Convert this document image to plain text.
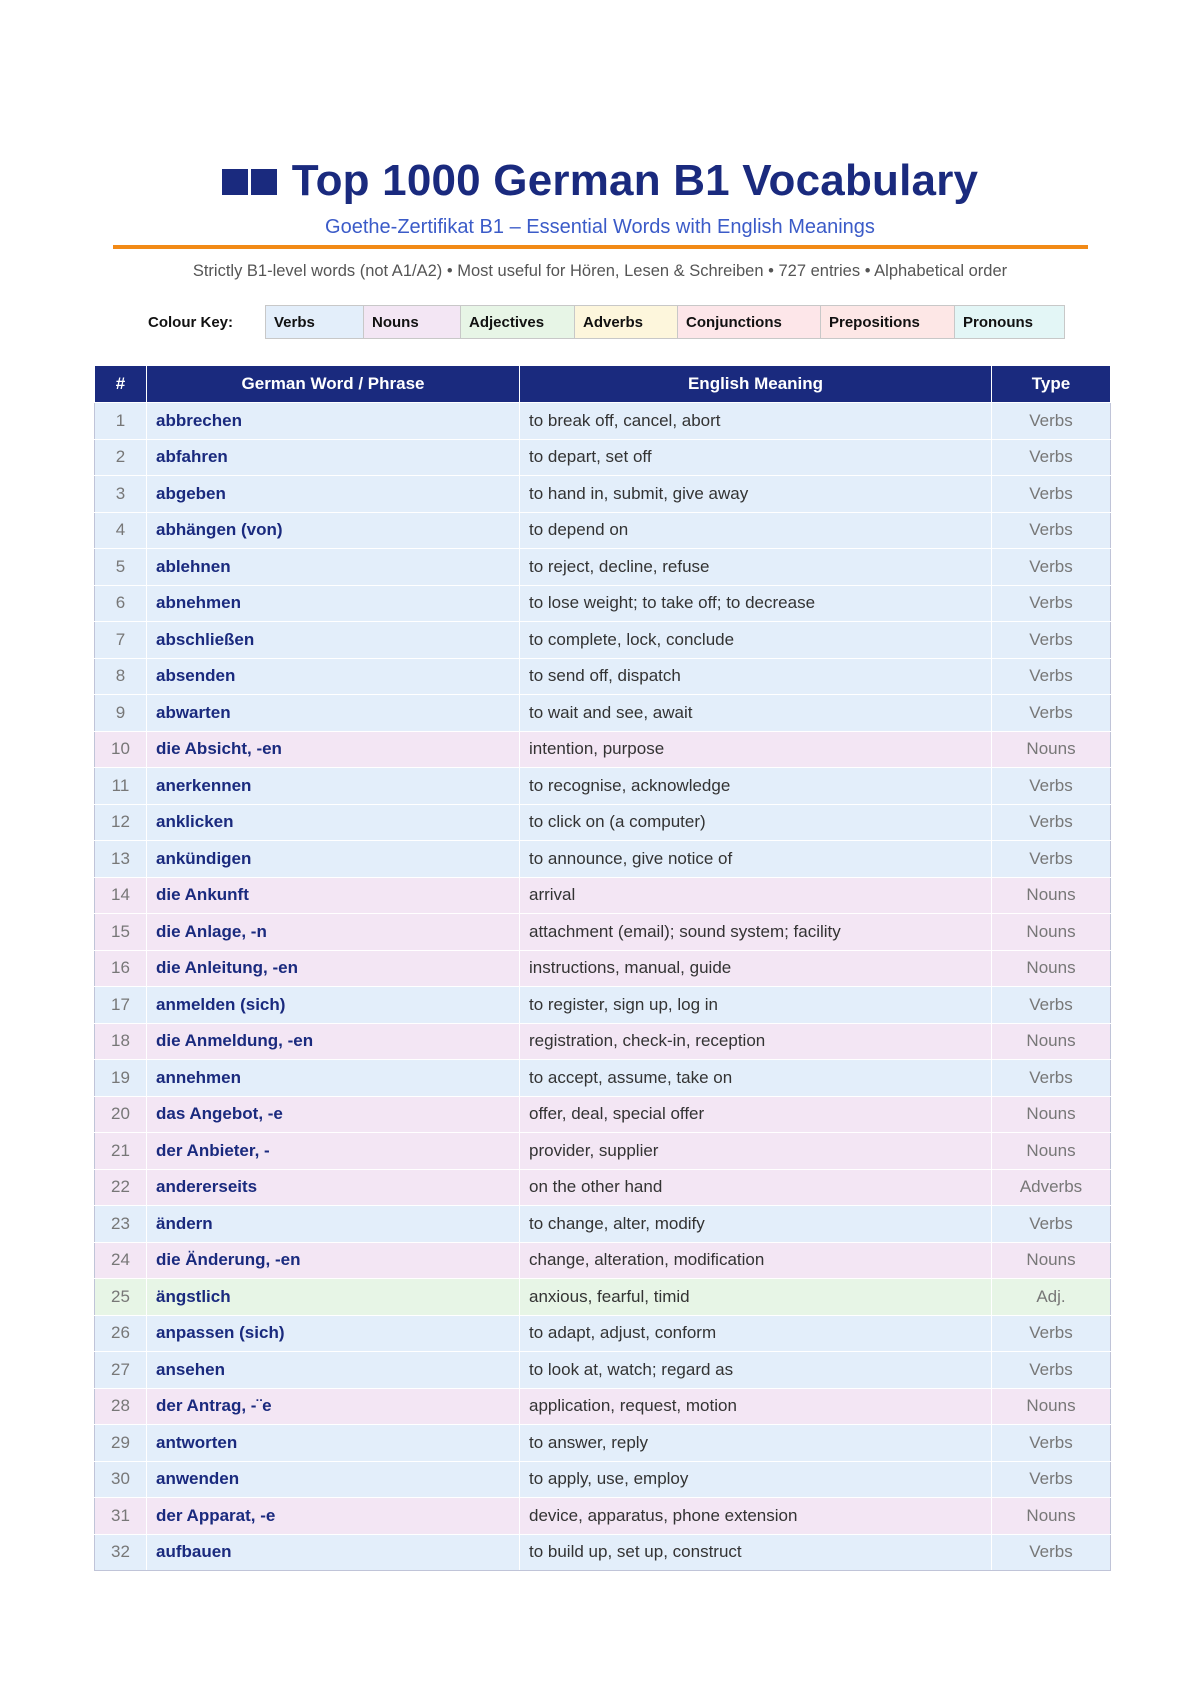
Top 1000 German B1 Vocabulary
Goethe-Zertifikat B1 – Essential Words with English Meanings
Strictly B1-level words (not A1/A2) • Most useful for Hören, Lesen & Schreiben • 727 entries • Alphabetical order
Colour Key:	Verbs	Nouns	Adjectives	Adverbs	Conjunctions	Prepositions	Pronouns
#	German Word / Phrase	English Meaning	Type
1	abbrechen	to break off, cancel, abort	Verbs
2	abfahren	to depart, set off	Verbs
3	abgeben	to hand in, submit, give away	Verbs
4	abhängen (von)	to depend on	Verbs
5	ablehnen	to reject, decline, refuse	Verbs
6	abnehmen	to lose weight; to take off; to decrease	Verbs
7	abschließen	to complete, lock, conclude	Verbs
8	absenden	to send off, dispatch	Verbs
9	abwarten	to wait and see, await	Verbs
10	die Absicht, -en	intention, purpose	Nouns
11	anerkennen	to recognise, acknowledge	Verbs
12	anklicken	to click on (a computer)	Verbs
13	ankündigen	to announce, give notice of	Verbs
14	die Ankunft	arrival	Nouns
15	die Anlage, -n	attachment (email); sound system; facility	Nouns
16	die Anleitung, -en	instructions, manual, guide	Nouns
17	anmelden (sich)	to register, sign up, log in	Verbs
18	die Anmeldung, -en	registration, check-in, reception	Nouns
19	annehmen	to accept, assume, take on	Verbs
20	das Angebot, -e	offer, deal, special offer	Nouns
21	der Anbieter, -	provider, supplier	Nouns
22	andererseits	on the other hand	Adverbs
23	ändern	to change, alter, modify	Verbs
24	die Änderung, -en	change, alteration, modification	Nouns
25	ängstlich	anxious, fearful, timid	Adj.
26	anpassen (sich)	to adapt, adjust, conform	Verbs
27	ansehen	to look at, watch; regard as	Verbs
28	der Antrag, -¨e	application, request, motion	Nouns
29	antworten	to answer, reply	Verbs
30	anwenden	to apply, use, employ	Verbs
31	der Apparat, -e	device, apparatus, phone extension	Nouns
32	aufbauen	to build up, set up, construct	Verbs
